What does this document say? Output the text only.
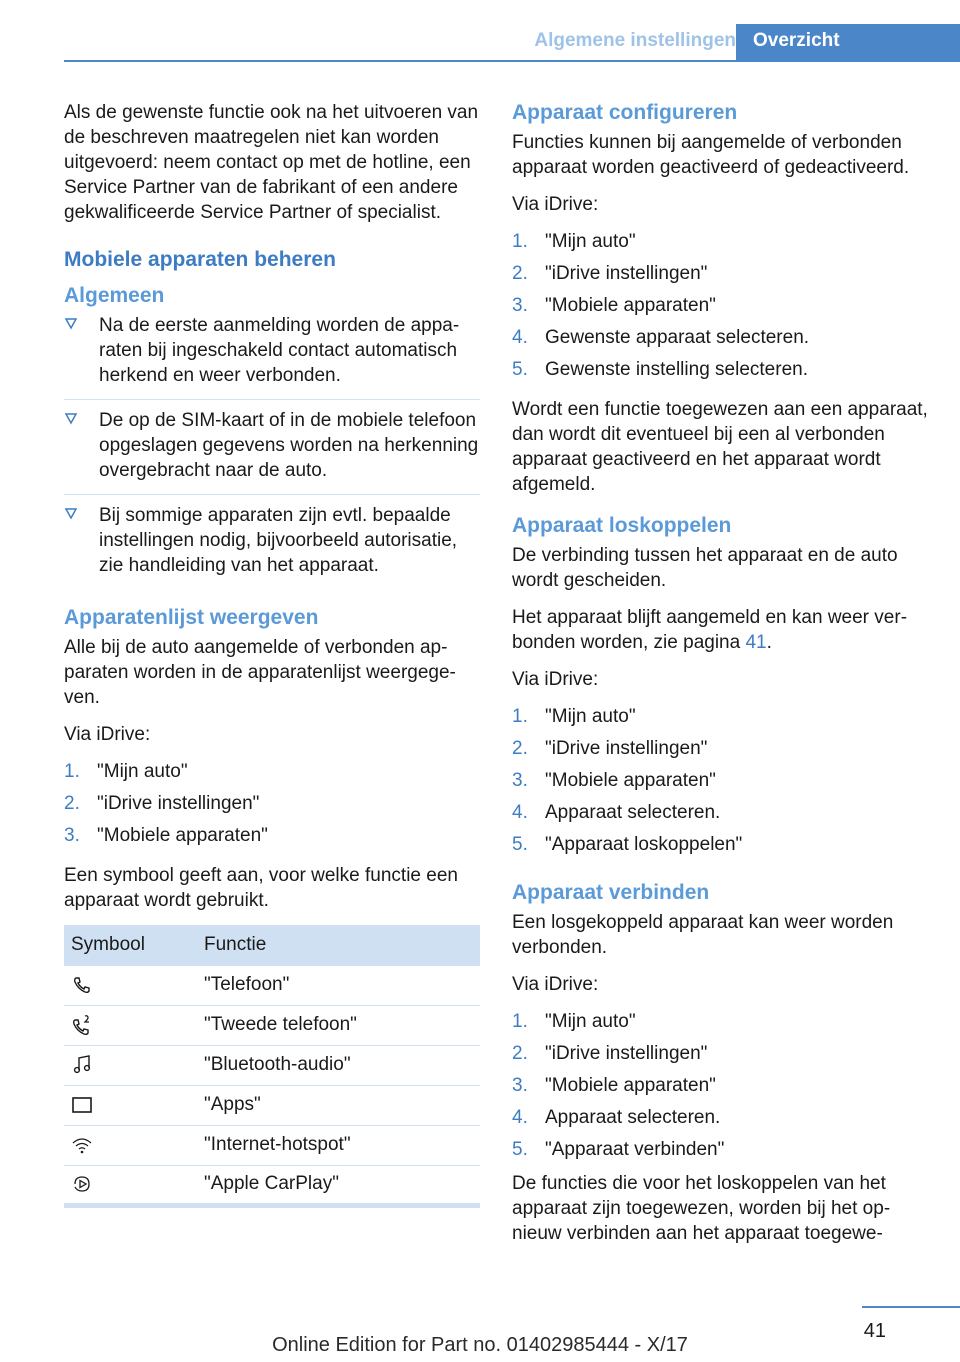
Algemene instellingen Overzicht

Als de gewenste functie ook na het uitvoeren van de beschreven maatregelen niet kan worden uitgevoerd: neem contact op met de hotline, een Service Partner van de fabrikant of een andere gekwalificeerde Service Partner of specialist.

Mobiele apparaten beheren
Algemeen
Na de eerste aanmelding worden de apparaten bij ingeschakeld contact automatisch herkend en weer verbonden.
De op de SIM-kaart of in de mobiele telefoon opgeslagen gegevens worden na herkenning overgebracht naar de auto.
Bij sommige apparaten zijn evtl. bepaalde instellingen nodig, bijvoorbeeld autorisatie, zie handleiding van het apparaat.
Apparatenlijst weergeven

Alle bij de auto aangemelde of verbonden apparaten worden in de apparatenlijst weergegeven.

Via iDrive:

1. "Mijn auto"
2. "iDrive instellingen"
3. "Mobiele apparaten"

Een symbool geeft aan, voor welke functie een apparaat wordt gebruikt.

Symbool	Functie
	"Telefoon"
	"Tweede telefoon"
	"Bluetooth-audio"
	"Apps"
	"Internet-hotspot"
	"Apple CarPlay"
Apparaat configureren

Functies kunnen bij aangemelde of verbonden apparaat worden geactiveerd of gedeactiveerd.

Via iDrive:

1. "Mijn auto"
2. "iDrive instellingen"
3. "Mobiele apparaten"
4. Gewenste apparaat selecteren.
5. Gewenste instelling selecteren.

Wordt een functie toegewezen aan een apparaat, dan wordt dit eventueel bij een al verbonden apparaat geactiveerd en het apparaat wordt afgemeld.

Apparaat loskoppelen

De verbinding tussen het apparaat en de auto wordt gescheiden.

Het apparaat blijft aangemeld en kan weer verbonden worden, zie pagina 41.

Via iDrive:

1. "Mijn auto"
2. "iDrive instellingen"
3. "Mobiele apparaten"
4. Apparaat selecteren.
5. "Apparaat loskoppelen"
Apparaat verbinden

Een losgekoppeld apparaat kan weer worden verbonden.

Via iDrive:

1. "Mijn auto"
2. "iDrive instellingen"
3. "Mobiele apparaten"
4. Apparaat selecteren.
5. "Apparaat verbinden"

De functies die voor het loskoppelen van het apparaat zijn toegewezen, worden bij het opnieuw verbinden aan het apparaat toegewe-

41
Online Edition for Part no. 01402985444 - X/17
